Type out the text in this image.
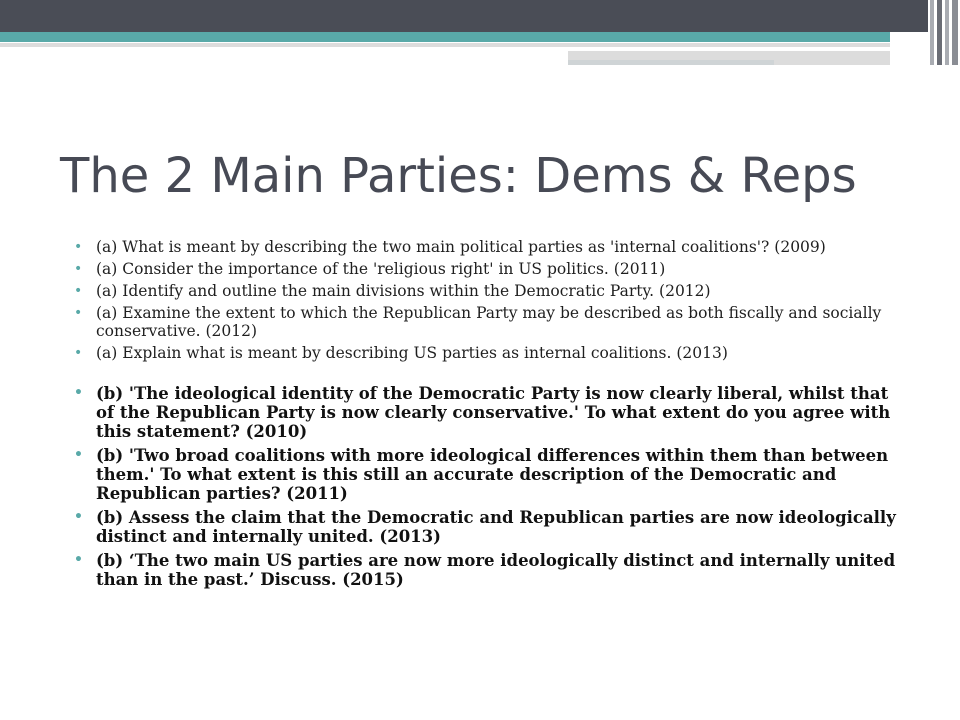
The 2 Main Parties: Dems & Reps
• (a) What is meant by describing the two main political parties as 'internal coalitions'? (2009)
• (a) Consider the importance of the 'religious right' in US politics. (2011)
• (a) Identify and outline the main divisions within the Democratic Party. (2012)
• (a) Examine the extent to which the Republican Party may be described as both fiscally and socially conservative. (2012)
• (a) Explain what is meant by describing US parties as internal coalitions. (2013)
• (b) 'The ideological identity of the Democratic Party is now clearly liberal, whilst that of the Republican Party is now clearly conservative.' To what extent do you agree with this statement? (2010)
• (b) 'Two broad coalitions with more ideological differences within them than between them.' To what extent is this still an accurate description of the Democratic and Republican parties? (2011)
• (b) Assess the claim that the Democratic and Republican parties are now ideologically distinct and internally united. (2013)
• (b) ‘The two main US parties are now more ideologically distinct and internally united than in the past.’ Discuss. (2015)
